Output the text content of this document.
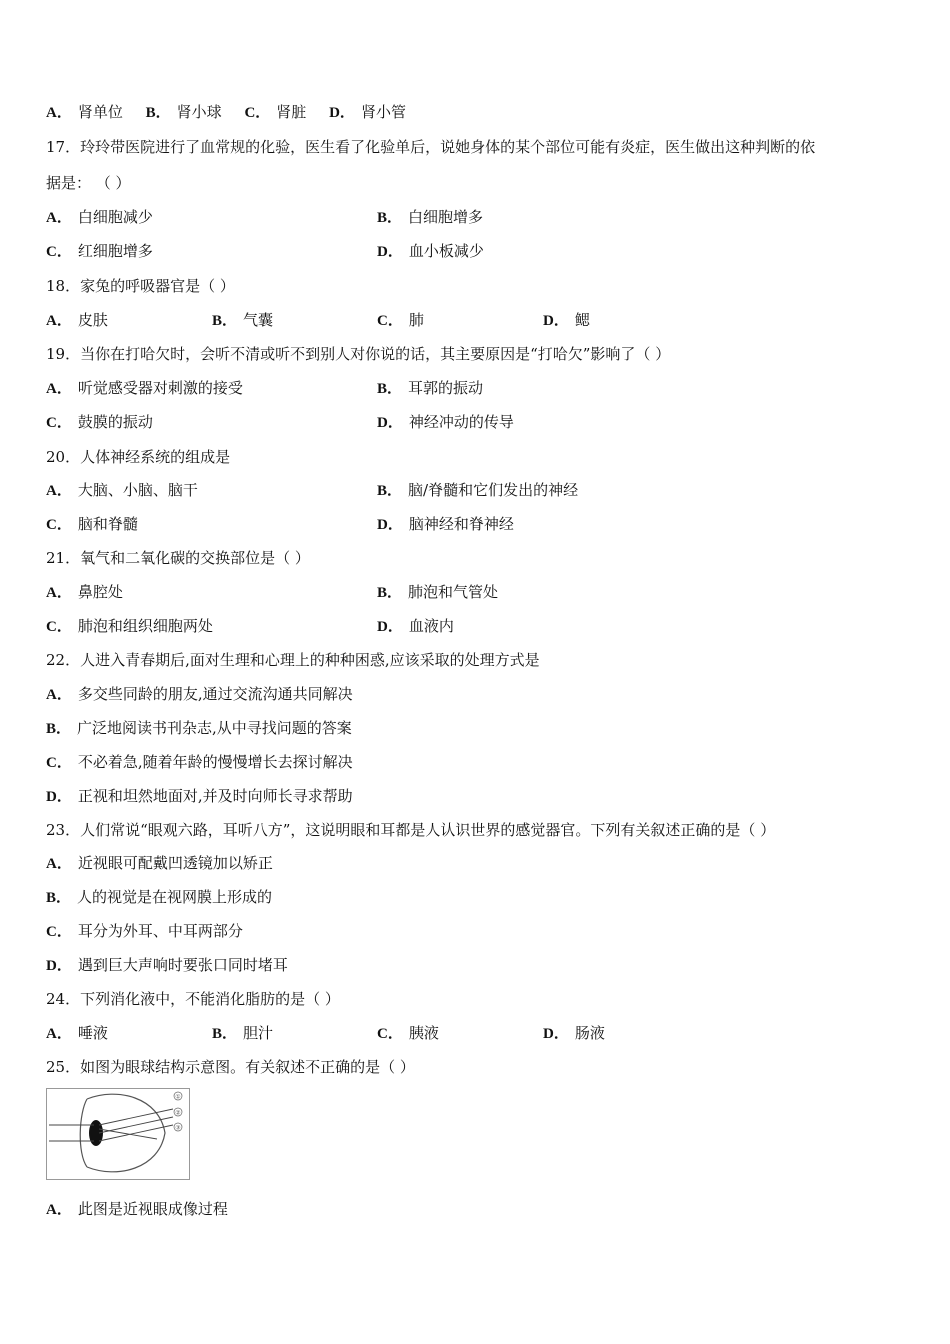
A． 肾单位 B． 肾小球 C． 肾脏 D． 肾小管
17．玲玲带医院进行了血常规的化验，医生看了化验单后，说她身体的某个部位可能有炎症，医生做出这种判断的依
据是： （ ）
A． 白细胞减少	B． 白细胞增多
C． 红细胞增多	D． 血小板减少
18．家兔的呼吸器官是（ ）
A． 皮肤	B． 气囊	C． 肺	D． 鳃
19．当你在打哈欠时，会听不清或听不到别人对你说的话，其主要原因是“打哈欠”影响了（ ）
A． 听觉感受器对刺激的接受	B． 耳郭的振动
C． 鼓膜的振动	D． 神经冲动的传导
20．人体神经系统的组成是
A． 大脑、小脑、脑干	B． 脑/脊髓和它们发出的神经
C． 脑和脊髓	D． 脑神经和脊神经
21．氧气和二氧化碳的交换部位是（ ）
A． 鼻腔处	B． 肺泡和气管处
C． 肺泡和组织细胞两处	D． 血液内
22．人进入青春期后,面对生理和心理上的种种困惑,应该采取的处理方式是
A． 多交些同龄的朋友,通过交流沟通共同解决
B． 广泛地阅读书刊杂志,从中寻找问题的答案
C． 不必着急,随着年龄的慢慢增长去探讨解决
D． 正视和坦然地面对,并及时向师长寻求帮助
23．人们常说“眼观六路，耳听八方”，这说明眼和耳都是人认识世界的感觉器官。下列有关叙述正确的是（ ）
A． 近视眼可配戴凹透镜加以矫正
B． 人的视觉是在视网膜上形成的
C． 耳分为外耳、中耳两部分
D． 遇到巨大声响时要张口同时堵耳
24．下列消化液中，不能消化脂肪的是（ ）
A． 唾液	B． 胆汁	C． 胰液	D． 肠液
25．如图为眼球结构示意图。有关叙述不正确的是（ ）
①
②
③
A． 此图是近视眼成像过程
